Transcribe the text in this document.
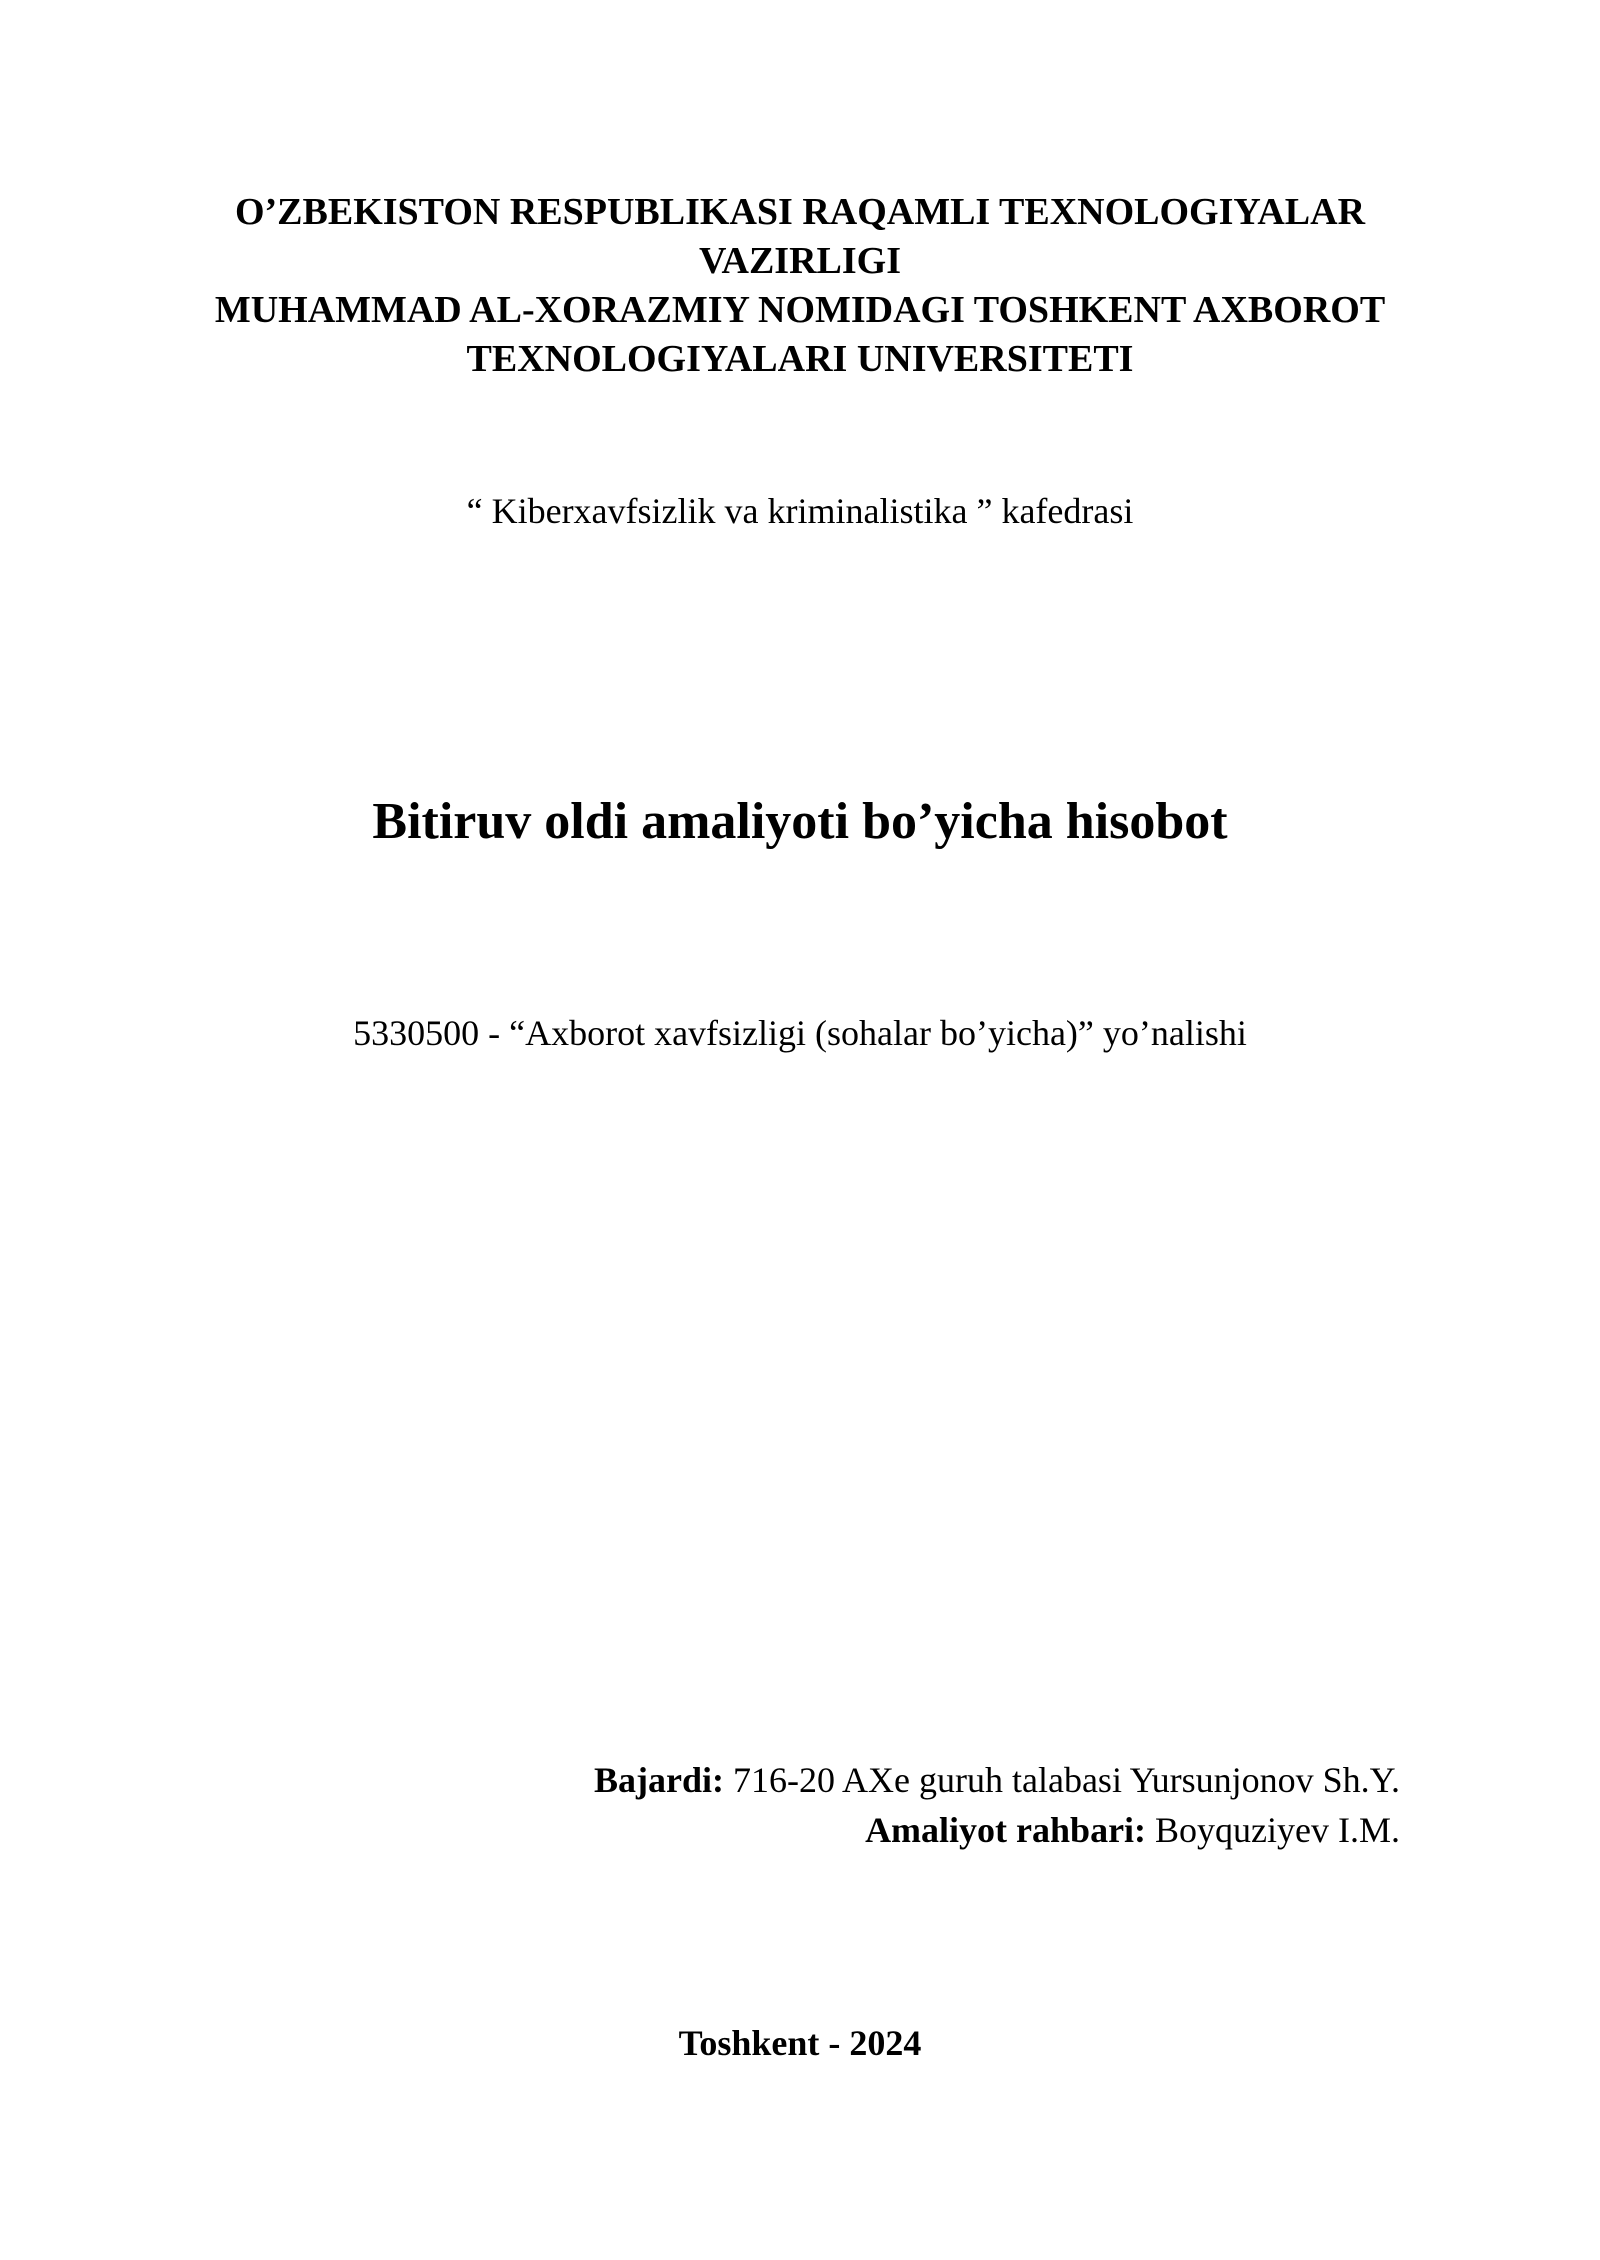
O’ZBEKISTON RESPUBLIKASI RAQAMLI TEXNOLOGIYALAR
VAZIRLIGI
MUHAMMAD AL-XORAZMIY NOMIDAGI TOSHKENT AXBOROT
TEXNOLOGIYALARI UNIVERSITETI
“ Kiberxavfsizlik va kriminalistika ” kafedrasi
Bitiruv oldi amaliyoti bo’yicha hisobot
5330500 - “Axborot xavfsizligi (sohalar bo’yicha)” yo’nalishi
Bajardi: 716-20 AXe guruh talabasi Yursunjonov Sh.Y.
Amaliyot rahbari: Boyquziyev I.M.
Toshkent - 2024
